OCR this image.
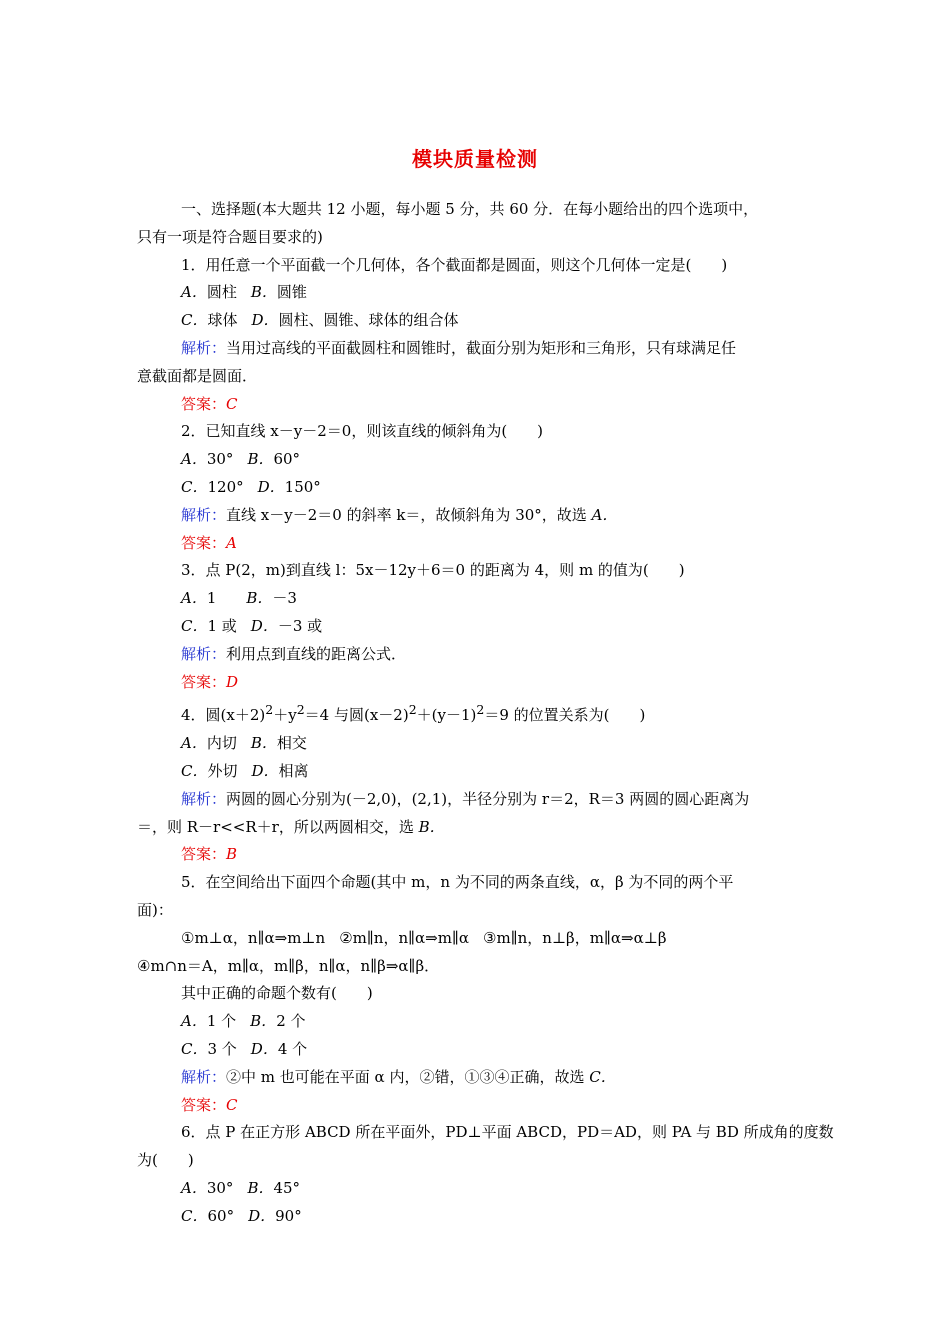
模块质量检测
一、选择题(本大题共 12 小题，每小题 5 分，共 60 分．在每小题给出的四个选项中，
只有一项是符合题目要求的)
1．用任意一个平面截一个几何体，各个截面都是圆面，则这个几何体一定是(　　)
A．圆柱 B．圆锥
C．球体 D．圆柱、圆锥、球体的组合体
解析：当用过高线的平面截圆柱和圆锥时，截面分别为矩形和三角形，只有球满足任
意截面都是圆面．
答案：C
2．已知直线 x－y－2＝0，则该直线的倾斜角为(　　)
A．30° B．60°
C．120° D．150°
解析：直线 x－y－2＝0 的斜率 k＝，故倾斜角为 30°，故选 A．
答案：A
3．点 P(2，m)到直线 l：5x－12y＋6＝0 的距离为 4，则 m 的值为(　　)
A．1 B．－3
C．1 或 D．－3 或
解析：利用点到直线的距离公式．
答案：D
4．圆$(x+2)^2+y^2=4$ 与圆$(x-2)^2+(y-1)^2=9$ 的位置关系为(　　)
A．内切 B．相交
C．外切 D．相离
解析：两圆的圆心分别为(－2,0)，(2,1)，半径分别为 r＝2，R＝3 两圆的圆心距离为
＝，则 R－r<<R＋r，所以两圆相交，选 B．
答案：B
5．在空间给出下面四个命题(其中 m，n 为不同的两条直线，α，β 为不同的两个平
面)：
①m⊥α，n∥α⇒m⊥n ②m∥n，n∥α⇒m∥α ③m∥n，n⊥β，m∥α⇒α⊥β
④m∩n＝A，m∥α，m∥β，n∥α，n∥β⇒α∥β．
其中正确的命题个数有(　　)
A．1 个 B．2 个
C．3 个 D．4 个
解析：②中 m 也可能在平面 α 内，②错，①③④正确，故选 C．
答案：C
6．点 P 在正方形 ABCD 所在平面外，PD⊥平面 ABCD，PD＝AD，则 PA 与 BD 所成角的度数
为(　　)
A．30° B．45°
C．60° D．90°
